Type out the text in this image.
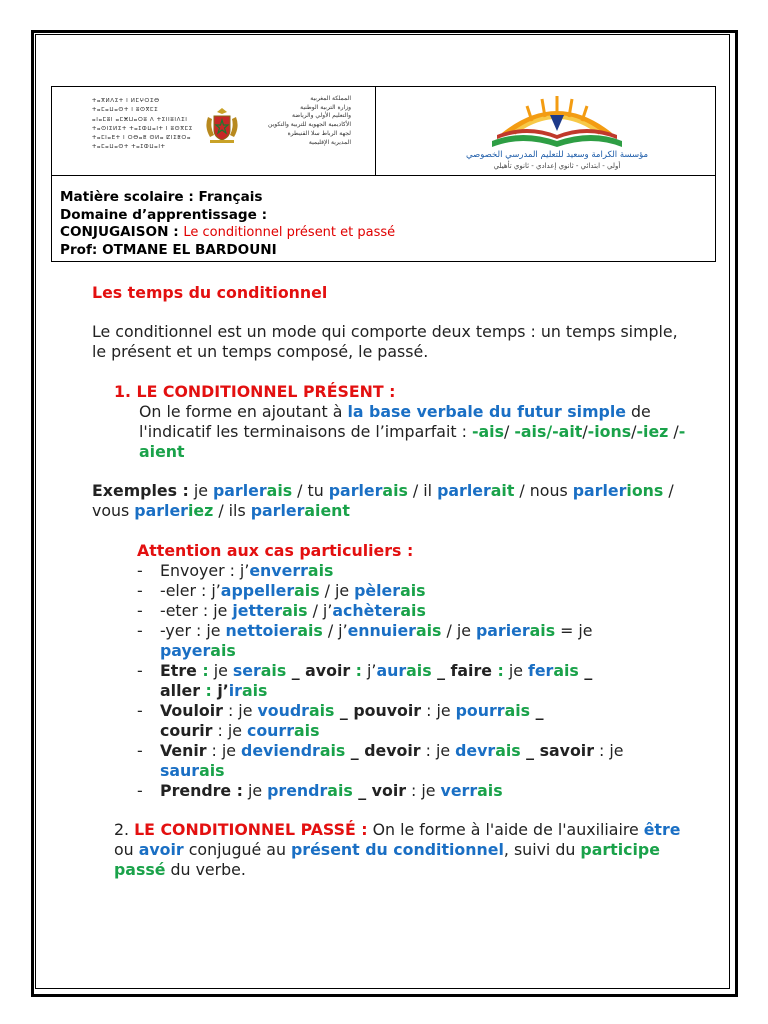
ⵜⴰⴳⵍⴷⵉⵜ ⵏ ⵍⵎⵖⵔⵉⴱ
ⵜⴰⵎⴰⵡⴰⵙⵜ ⵏ ⵓⵙⴳⵎⵉ
ⴰⵏⴰⵎⵓⵏ ⴰⵎⵥⵡⴰⵔⵓ ⴷ ⵜⵉⵏⵏⵓⵏⴷⵉⵏ
ⵜⴰⵙⵏⵉⵍⵉⵜ ⵜⴰⵊⵀⵡⴰⵏⵜ ⵏ ⵓⵙⴳⵎⵉ
ⵜⴰⵎⵏⴰⴹⵜ ⵏ ⵔⴱⴰⵟ ⵙⵍⴰ ⵇⵏⵉⵟⵔⴰ
ⵜⴰⵎⴰⵡⴰⵙⵜ ⵜⴰⵊⵀⵡⴰⵏⵜ
المملكة المغربية
وزارة التربية الوطنية
والتعليم الأولي والرياضة
الأكاديمية الجهوية للتربية والتكوين
لجهة الرباط سلا القنيطرة
المديرية الإقليمية
مؤسسة الكرامة وسعيد للتعليم المدرسي الخصوصي
أولي - ابتدائي - ثانوي إعدادي - ثانوي تأهيلي
Matière scolaire : Français
Domaine d’apprentissage :
CONJUGAISON : Le conditionnel présent et passé
Prof: OTMANE EL BARDOUNI
Les temps du conditionnel

Le conditionnel est un mode qui comporte deux temps : un temps simple, le présent et un temps composé, le passé.

1. LE CONDITIONNEL PRÉSENT :
On le forme en ajoutant à la base verbale du futur simple de l'indicatif les terminaisons de l’imparfait : -ais/ -ais/-ait/-ions/-iez /-aient
Exemples : je parlerais / tu parlerais / il parlerait / nous parlerions / vous parleriez / ils parleraient
Attention aux cas particuliers :
- Envoyer : j’enverrais
- -eler : j’appellerais / je pèlerais
- -eter : je jetterais / j’achèterais
- -yer : je nettoierais / j’ennuierais / je parierais = je
payerais
- Etre : je serais _ avoir : j’aurais _ faire : je ferais _
aller : j’irais
- Vouloir : je voudrais _ pouvoir : je pourrais _
courir : je courrais
- Venir : je deviendrais _ devoir : je devrais _ savoir : je saurais
- Prendre : je prendrais _ voir : je verrais
2. LE CONDITIONNEL PASSÉ : On le forme à l'aide de l'auxiliaire être ou avoir conjugué au présent du conditionnel, suivi du participe passé du verbe.
